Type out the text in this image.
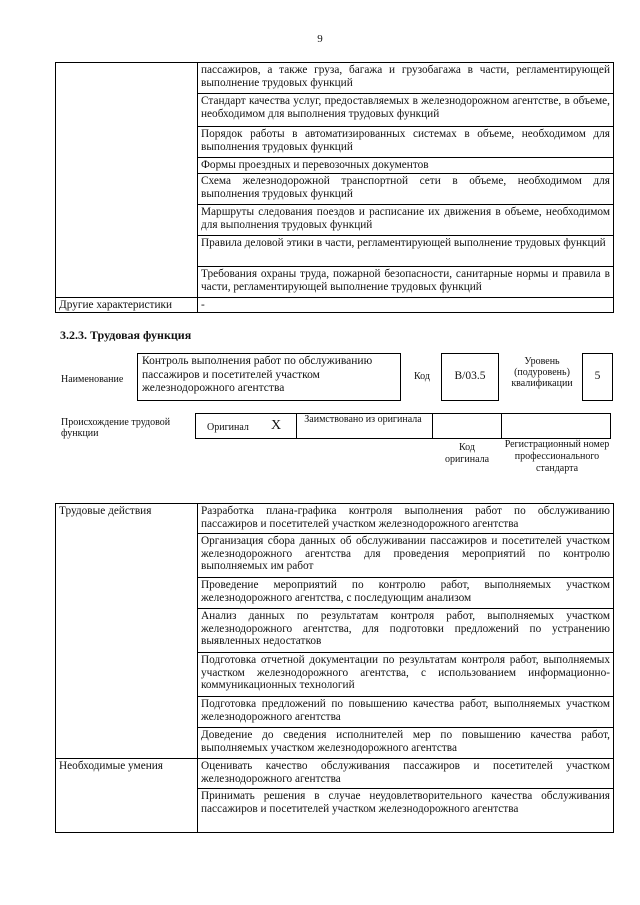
9
	пассажиров, а также груза, багажа и грузобагажа в части, регламентирующей выполнение трудовых функций
	Стандарт качества услуг, предоставляемых в железнодорожном агентстве, в объеме, необходимом для выполнения трудовых функций
	Порядок работы в автоматизированных системах в объеме, необходимом для выполнения трудовых функций
	Формы проездных и перевозочных документов
	Схема железнодорожной транспортной сети в объеме, необходимом для выполнения трудовых функций
	Маршруты следования поездов и расписание их движения в объеме, необходимом для выполнения трудовых функций
	Правила деловой этики в части, регламентирующей выполнение трудовых функций
	Требования охраны труда, пожарной безопасности, санитарные нормы и правила в части, регламентирующей выполнение трудовых функций
Другие характеристики	-
3.2.3. Трудовая функция
Наименование
Контроль выполнения работ по обслуживанию пассажиров и посетителей участком железнодорожного агентства
Код	B/03.5
Уровень (подуровень) квалификации
5
Происхождение трудовой функции
Оригинал X Заимствовано из оригинала
Код оригинала
Регистрационный номер профессионального стандарта
Трудовые действия	Разработка плана-графика контроля выполнения работ по обслуживанию пассажиров и посетителей участком железнодорожного агентства
	Организация сбора данных об обслуживании пассажиров и посетителей участком железнодорожного агентства для проведения мероприятий по контролю выполняемых им работ
	Проведение мероприятий по контролю работ, выполняемых участком железнодорожного агентства, с последующим анализом
	Анализ данных по результатам контроля работ, выполняемых участком железнодорожного агентства, для подготовки предложений по устранению выявленных недостатков
	Подготовка отчетной документации по результатам контроля работ, выполняемых участком железнодорожного агентства, с использованием информационно-коммуникационных технологий
	Подготовка предложений по повышению качества работ, выполняемых участком железнодорожного агентства
	Доведение до сведения исполнителей мер по повышению качества работ, выполняемых участком железнодорожного агентства
Необходимые умения	Оценивать качество обслуживания пассажиров и посетителей участком железнодорожного агентства
	Принимать решения в случае неудовлетворительного качества обслуживания пассажиров и посетителей участком железнодорожного агентства
